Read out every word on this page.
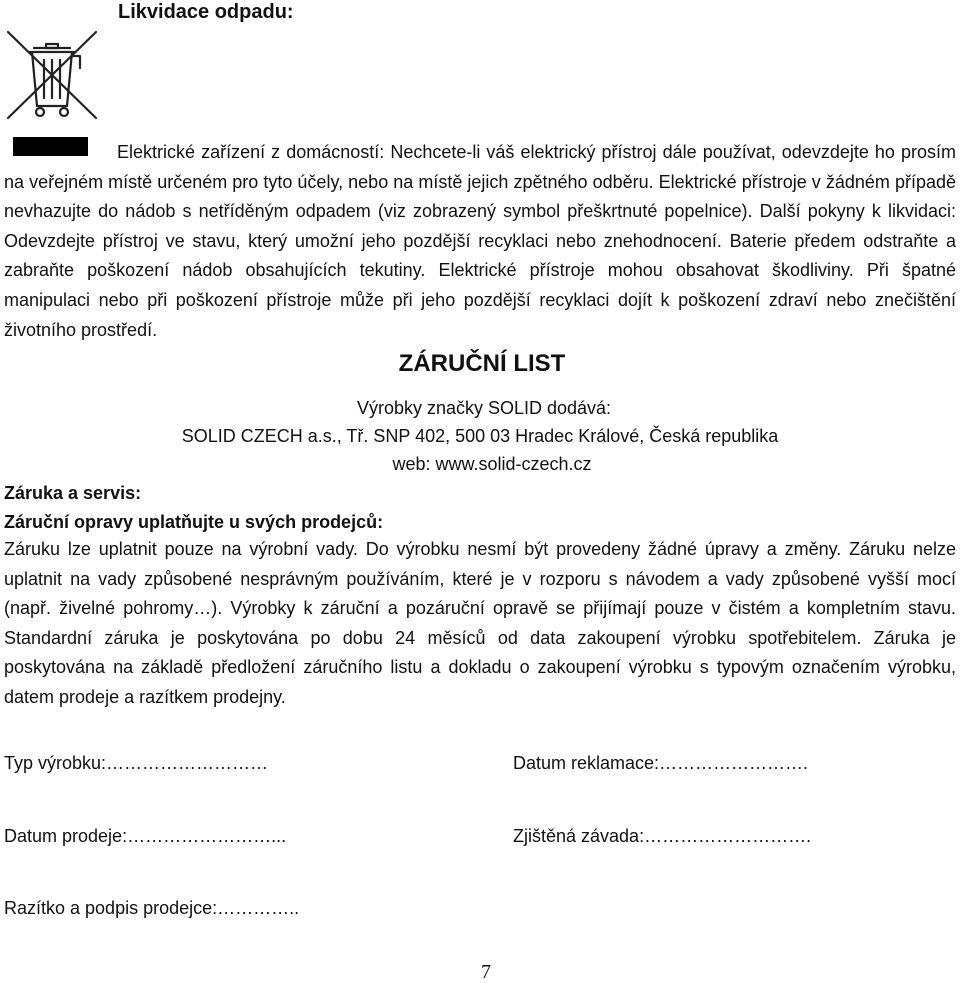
Likvidace odpadu:
Elektrické zařízení z domácností: Nechcete-li váš elektrický přístroj dále používat, odevzdejte ho prosím na veřejném místě určeném pro tyto účely, nebo na místě jejich zpětného odběru. Elektrické přístroje v žádném případě nevhazujte do nádob s netříděným odpadem (viz zobrazený symbol přeškrtnuté popelnice). Další pokyny k likvidaci: Odevzdejte přístroj ve stavu, který umožní jeho pozdější recyklaci nebo znehodnocení. Baterie předem odstraňte a zabraňte poškození nádob obsahujících tekutiny. Elektrické přístroje mohou obsahovat škodliviny. Při špatné manipulaci nebo při poškození přístroje může při jeho pozdější recyklaci dojít k poškození zdraví nebo znečištění životního prostředí.
ZÁRUČNÍ LIST
Výrobky značky SOLID dodává:
SOLID CZECH a.s., Tř. SNP 402, 500 03 Hradec Králové, Česká republika
web: www.solid-czech.cz
Záruka a servis:
Záruční opravy uplatňujte u svých prodejců:
Záruku lze uplatnit pouze na výrobní vady. Do výrobku nesmí být provedeny žádné úpravy a změny. Záruku nelze uplatnit na vady způsobené nesprávným používáním, které je v rozporu s návodem a vady způsobené vyšší mocí (např. živelné pohromy…). Výrobky k záruční a pozáruční opravě se přijímají pouze v čistém a kompletním stavu. Standardní záruka je poskytována po dobu 24 měsíců od data zakoupení výrobku spotřebitelem. Záruka je poskytována na základě předložení záručního listu a dokladu o zakoupení výrobku s typovým označením výrobku, datem prodeje a razítkem prodejny.
Typ výrobku:………………………	Datum reklamace:…………………….
Datum prodeje:……………………...	Zjištěná závada:……………………….
Razítko a podpis prodejce:…………..
7
